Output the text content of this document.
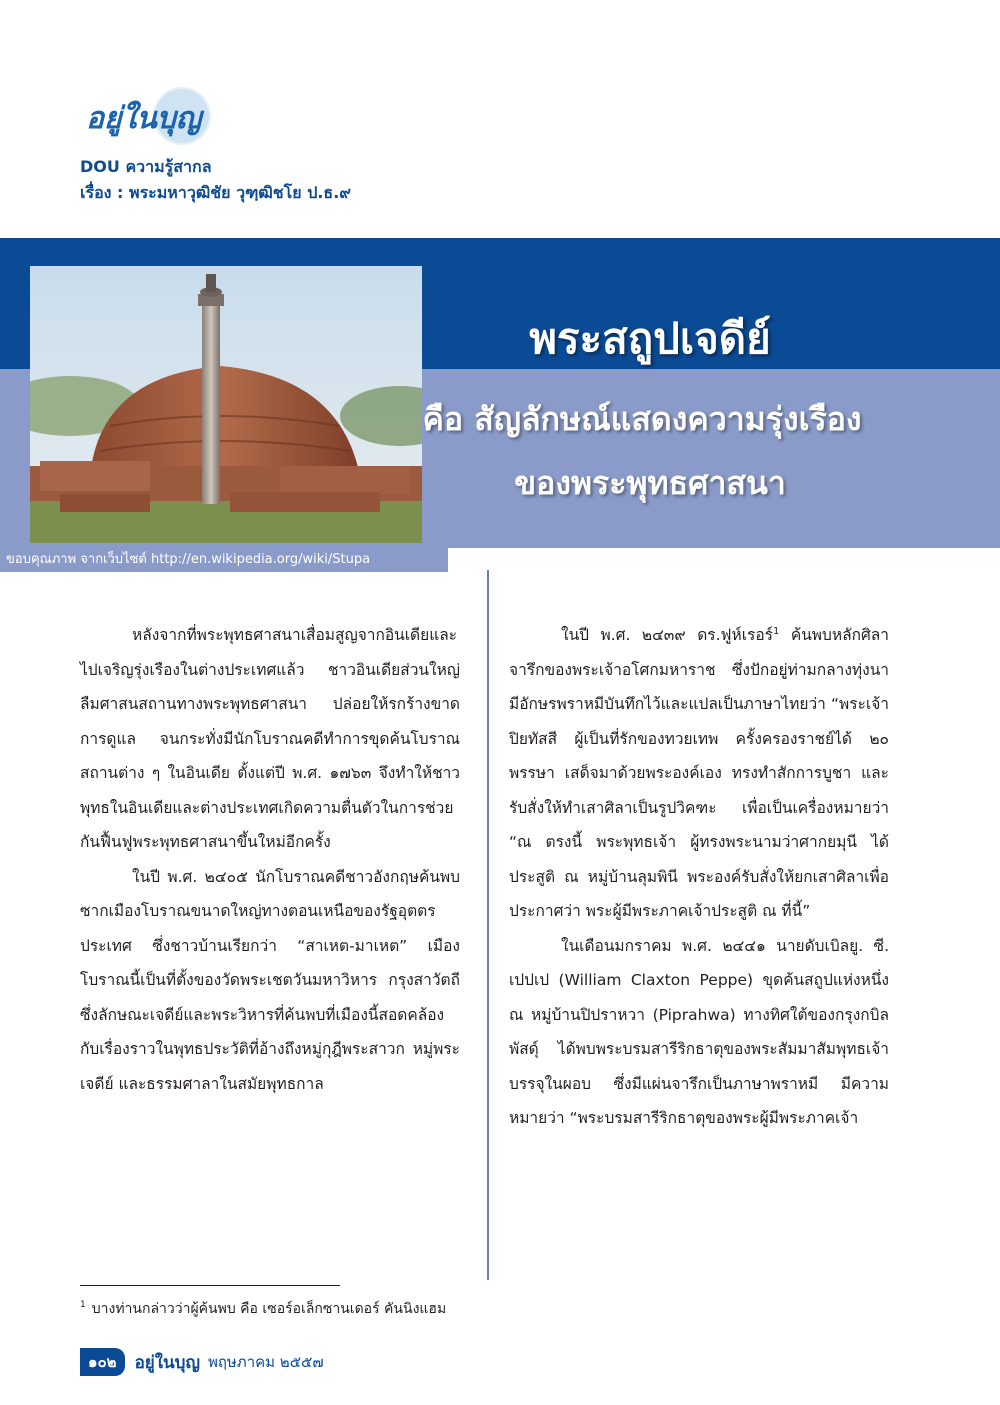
อยู่ในบุญ
DOU ความรู้สากล
เรื่อง : พระมหาวุฒิชัย วุฑฺฒิชโย ป.ธ.๙
พระสถูปเจดีย์
คือ สัญลักษณ์แสดงความรุ่งเรือง
ของพระพุทธศาสนา
ขอบคุณภาพ จากเว็บไซต์ http://en.wikipedia.org/wiki/Stupa

หลังจากที่พระพุทธศาสนาเสื่อมสูญจากอินเดียและไปเจริญรุ่งเรืองในต่างประเทศแล้ว ชาวอินเดียส่วนใหญ่ลืมศาสนสถานทางพระพุทธศาสนา ปล่อยให้รกร้างขาดการดูแล จนกระทั่งมีนักโบราณคดีทำการขุดค้นโบราณสถานต่าง ๆ ในอินเดีย ตั้งแต่ปี พ.ศ. ๑๗๖๓ จึงทำให้ชาวพุทธในอินเดียและต่างประเทศเกิดความตื่นตัวในการช่วยกันฟื้นฟูพระพุทธศาสนาขึ้นใหม่อีกครั้ง

ในปี พ.ศ. ๒๔๐๕ นักโบราณคดีชาวอังกฤษค้นพบซากเมืองโบราณขนาดใหญ่ทางตอนเหนือของรัฐอุตตรประเทศ ซึ่งชาวบ้านเรียกว่า “สาเหต-มาเหต” เมืองโบราณนี้เป็นที่ตั้งของวัดพระเชตวันมหาวิหาร กรุงสาวัตถี ซึ่งลักษณะเจดีย์และพระวิหารที่ค้นพบที่เมืองนี้สอดคล้องกับเรื่องราวในพุทธประวัติที่อ้างถึงหมู่กุฎีพระสาวก หมู่พระเจดีย์ และธรรมศาลาในสมัยพุทธกาล

ในปี พ.ศ. ๒๔๓๙ ดร.ฟูห์เรอร์$^1$ ค้นพบหลักศิลาจารึกของพระเจ้าอโศกมหาราช ซึ่งปักอยู่ท่ามกลางทุ่งนา มีอักษรพราหมีบันทึกไว้และแปลเป็นภาษาไทยว่า “พระเจ้าปิยทัสสี ผู้เป็นที่รักของทวยเทพ ครั้งครองราชย์ได้ ๒๐ พรรษา เสด็จมาด้วยพระองค์เอง ทรงทำสักการบูชา และรับสั่งให้ทำเสาศิลาเป็นรูปวิคฑะ เพื่อเป็นเครื่องหมายว่า “ณ ตรงนี้ พระพุทธเจ้า ผู้ทรงพระนามว่าศากยมุนี ได้ประสูติ ณ หมู่บ้านลุมพินี พระองค์รับสั่งให้ยกเสาศิลาเพื่อประกาศว่า พระผู้มีพระภาคเจ้าประสูติ ณ ที่นี้”

ในเดือนมกราคม พ.ศ. ๒๔๔๑ นายดับเบิลยู. ซี. เปปเป (William Claxton Peppe) ขุดค้นสถูปแห่งหนึ่ง ณ หมู่บ้านปิปราหวา (Piprahwa) ทางทิศใต้ของกรุงกบิลพัสดุ์ ได้พบพระบรมสารีริกธาตุของพระสัมมาสัมพุทธเจ้าบรรจุในผอบ ซึ่งมีแผ่นจารึกเป็นภาษาพราหมี มีความหมายว่า “พระบรมสารีริกธาตุของพระผู้มีพระภาคเจ้า

$^1$ บางท่านกล่าวว่าผู้ค้นพบ คือ เซอร์อเล็กซานเดอร์ คันนิงแฮม
๑๐๒	อยู่ในบุญ พฤษภาคม ๒๕๕๗
